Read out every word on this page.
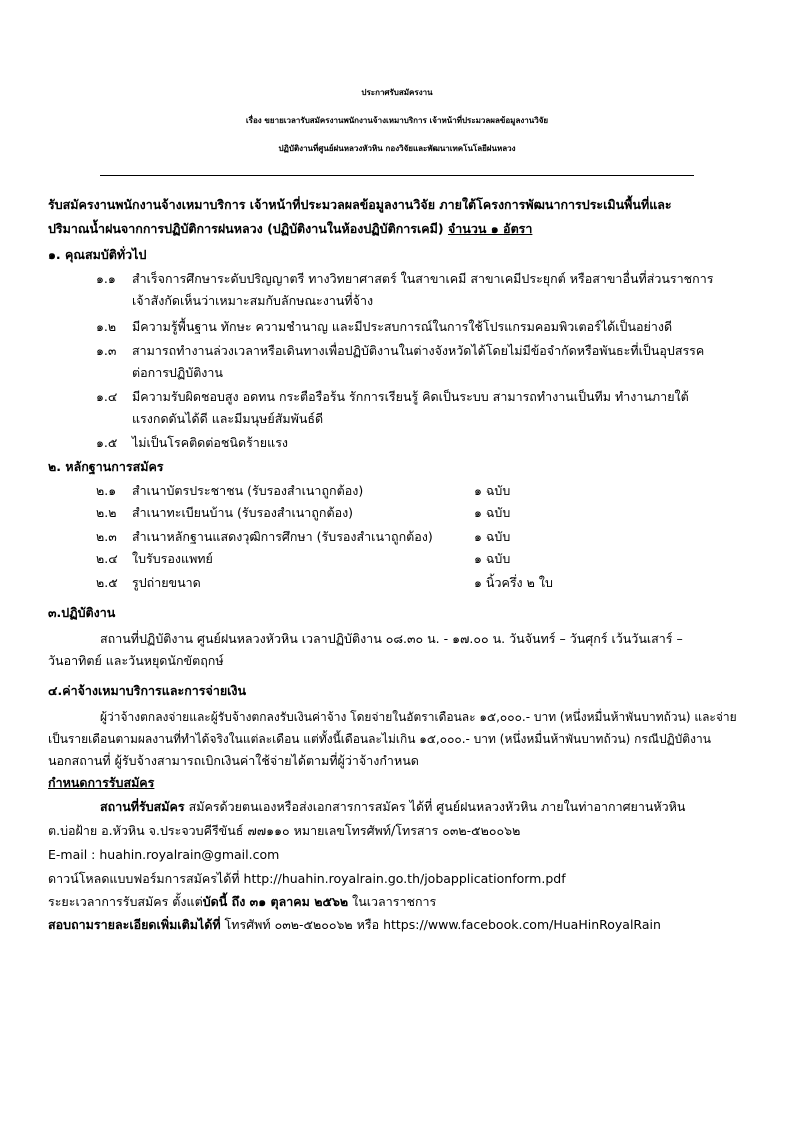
ประกาศรับสมัครงาน
เรื่อง ขยายเวลารับสมัครงานพนักงานจ้างเหมาบริการ เจ้าหน้าที่ประมวลผลข้อมูลงานวิจัย
ปฏิบัติงานที่ศูนย์ฝนหลวงหัวหิน กองวิจัยและพัฒนาเทคโนโลยีฝนหลวง
รับสมัครงานพนักงานจ้างเหมาบริการ เจ้าหน้าที่ประมวลผลข้อมูลงานวิจัย ภายใต้โครงการพัฒนาการประเมินพื้นที่และ
ปริมาณน้ำฝนจากการปฏิบัติการฝนหลวง (ปฏิบัติงานในห้องปฏิบัติการเคมี) จำนวน ๑ อัตรา
๑. คุณสมบัติทั่วไป
๑.๑ สำเร็จการศึกษาระดับปริญญาตรี ทางวิทยาศาสตร์ ในสาขาเคมี สาขาเคมีประยุกต์ หรือสาขาอื่นที่ส่วนราชการ
เจ้าสังกัดเห็นว่าเหมาะสมกับลักษณะงานที่จ้าง
๑.๒ มีความรู้พื้นฐาน ทักษะ ความชำนาญ และมีประสบการณ์ในการใช้โปรแกรมคอมพิวเตอร์ได้เป็นอย่างดี
๑.๓ สามารถทำงานล่วงเวลาหรือเดินทางเพื่อปฏิบัติงานในต่างจังหวัดได้โดยไม่มีข้อจำกัดหรือพันธะที่เป็นอุปสรรค
ต่อการปฏิบัติงาน
๑.๔ มีความรับผิดชอบสูง อดทน กระตือรือร้น รักการเรียนรู้ คิดเป็นระบบ สามารถทำงานเป็นทีม ทำงานภายใต้
แรงกดดันได้ดี และมีมนุษย์สัมพันธ์ดี
๑.๕ ไม่เป็นโรคติดต่อชนิดร้ายแรง
๒. หลักฐานการสมัคร
๒.๑ สำเนาบัตรประชาชน (รับรองสำเนาถูกต้อง)	๑ ฉบับ
๒.๒ สำเนาทะเบียนบ้าน (รับรองสำเนาถูกต้อง)	๑ ฉบับ
๒.๓ สำเนาหลักฐานแสดงวุฒิการศึกษา (รับรองสำเนาถูกต้อง)	๑ ฉบับ
๒.๔ ใบรับรองแพทย์	๑ ฉบับ
๒.๕ รูปถ่ายขนาด	๑ นิ้วครึ่ง ๒ ใบ
๓.ปฏิบัติงาน
สถานที่ปฏิบัติงาน ศูนย์ฝนหลวงหัวหิน เวลาปฏิบัติงาน ๐๘.๓๐ น. - ๑๗.๐๐ น. วันจันทร์ – วันศุกร์ เว้นวันเสาร์ –
วันอาทิตย์ และวันหยุดนักขัตฤกษ์
๔.ค่าจ้างเหมาบริการและการจ่ายเงิน
ผู้ว่าจ้างตกลงจ่ายและผู้รับจ้างตกลงรับเงินค่าจ้าง โดยจ่ายในอัตราเดือนละ ๑๕,๐๐๐.- บาท (หนึ่งหมื่นห้าพันบาทถ้วน) และจ่าย
เป็นรายเดือนตามผลงานที่ทำได้จริงในแต่ละเดือน แต่ทั้งนี้เดือนละไม่เกิน ๑๕,๐๐๐.- บาท (หนึ่งหมื่นห้าพันบาทถ้วน) กรณีปฏิบัติงาน
นอกสถานที่ ผู้รับจ้างสามารถเบิกเงินค่าใช้จ่ายได้ตามที่ผู้ว่าจ้างกำหนด
กำหนดการรับสมัคร
สถานที่รับสมัคร สมัครด้วยตนเองหรือส่งเอกสารการสมัคร ได้ที่ ศูนย์ฝนหลวงหัวหิน ภายในท่าอากาศยานหัวหิน
ต.บ่อฝ้าย อ.หัวหิน จ.ประจวบคีรีขันธ์ ๗๗๑๑๐ หมายเลขโทรศัพท์/โทรสาร ๐๓๒-๕๒๐๐๖๒
E-mail : huahin.royalrain@gmail.com
ดาวน์โหลดแบบฟอร์มการสมัครได้ที่ http://huahin.royalrain.go.th/jobapplicationform.pdf
ระยะเวลาการรับสมัคร ตั้งแต่บัดนี้ ถึง ๓๑ ตุลาคม ๒๕๖๒ ในเวลาราชการ
สอบถามรายละเอียดเพิ่มเติมได้ที่ โทรศัพท์ ๐๓๒-๕๒๐๐๖๒ หรือ https://www.facebook.com/HuaHinRoyalRain
